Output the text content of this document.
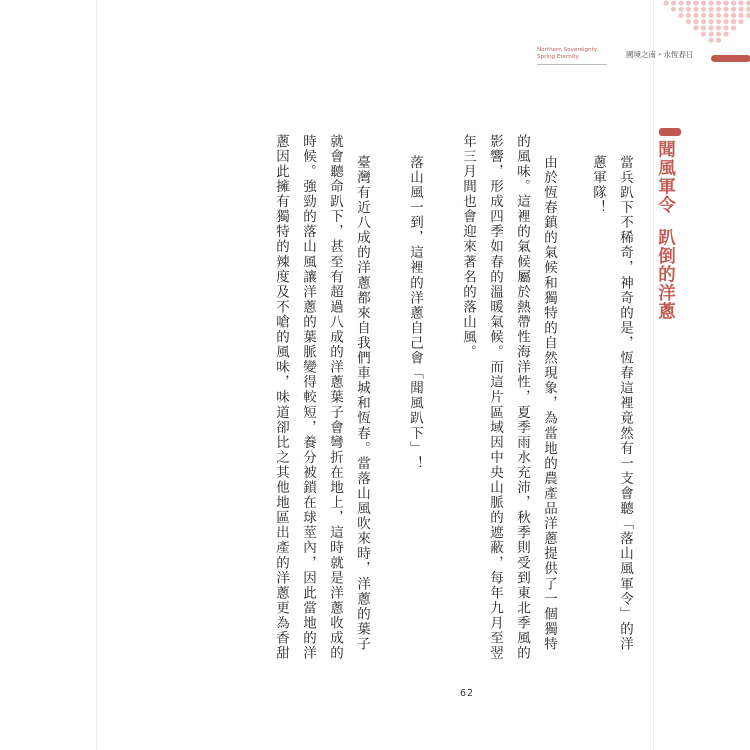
Northern Sovereignty,
Spring Eternity	國境之南・永恆春日
聞風軍令趴倒的洋蔥
當兵趴下不稀奇，神奇的是，恆春這裡竟然有一支會聽「落山風軍令」的洋
蔥軍隊！
由於恆春鎮的氣候和獨特的自然現象，為當地的農產品洋蔥提供了一個獨特
的風味。這裡的氣候屬於熱帶性海洋性，夏季雨水充沛，秋季則受到東北季風的
影響，形成四季如春的溫暖氣候。而這片區域因中央山脈的遮蔽，每年九月至翌
年三月間也會迎來著名的落山風。
落山風一到，這裡的洋蔥自己會「聞風趴下」！
臺灣有近八成的洋蔥都來自我們車城和恆春。當落山風吹來時，洋蔥的葉子
就會聽命趴下，甚至有超過八成的洋蔥葉子會彎折在地上，這時就是洋蔥收成的
時候。強勁的落山風讓洋蔥的葉脈變得較短，養分被鎖在球莖內，因此當地的洋
蔥因此擁有獨特的辣度及不嗆的風味，味道卻比之其他地區出產的洋蔥更為香甜
62
